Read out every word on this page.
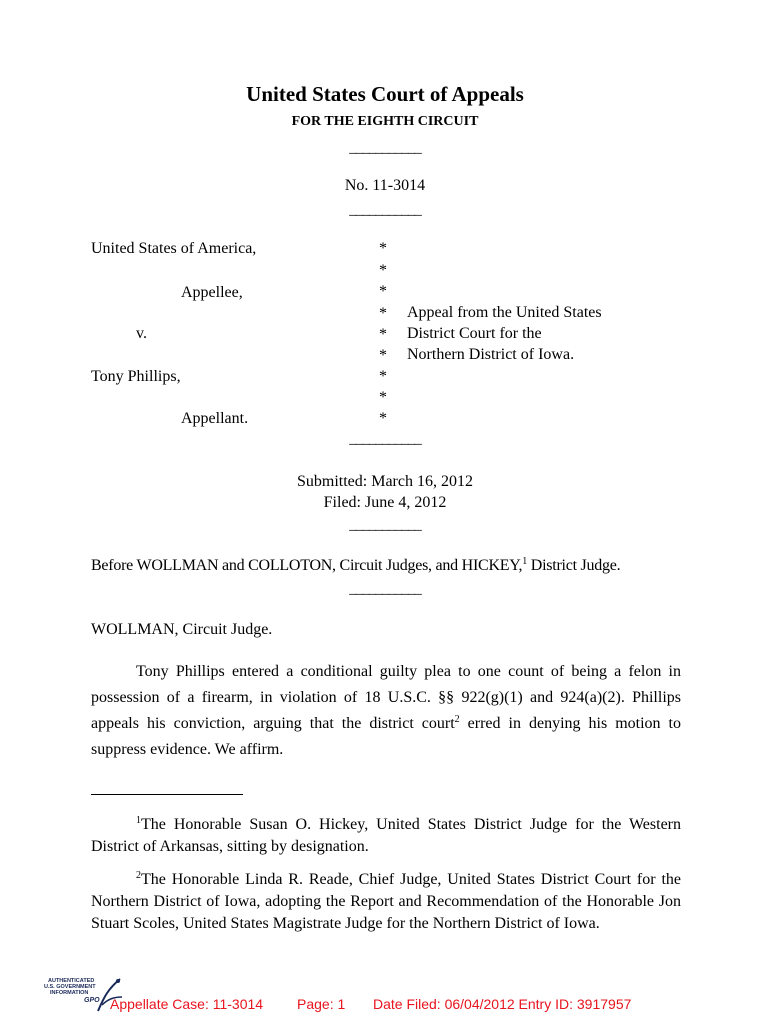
United States Court of Appeals
FOR THE EIGHTH CIRCUIT
___________
No. 11-3014
___________
United States of America,
Appellee,
v.
Tony Phillips,
Appellant.
*
*
*
*
*
*
*
*
*
Appeal from the United States
District Court for the
Northern District of Iowa.
___________
Submitted: March 16, 2012
Filed: June 4, 2012
___________
Before WOLLMAN and COLLOTON, Circuit Judges, and HICKEY,$^1$ District Judge.
___________
WOLLMAN, Circuit Judge.
Tony Phillips entered a conditional guilty plea to one count of being a felon in possession of a firearm, in violation of 18 U.S.C. §§ 922(g)(1) and 924(a)(2). Phillips appeals his conviction, arguing that the district court$^2$ erred in denying his motion to suppress evidence. We affirm.
$^1$The Honorable Susan O. Hickey, United States District Judge for the Western District of Arkansas, sitting by designation.
$^2$The Honorable Linda R. Reade, Chief Judge, United States District Court for the Northern District of Iowa, adopting the Report and Recommendation of the Honorable Jon Stuart Scoles, United States Magistrate Judge for the Northern District of Iowa.
AUTHENTICATED
U.S. GOVERNMENT
INFORMATION
GPO Appellate Case: 11-3014 Page: 1 Date Filed: 06/04/2012 Entry ID: 3917957
